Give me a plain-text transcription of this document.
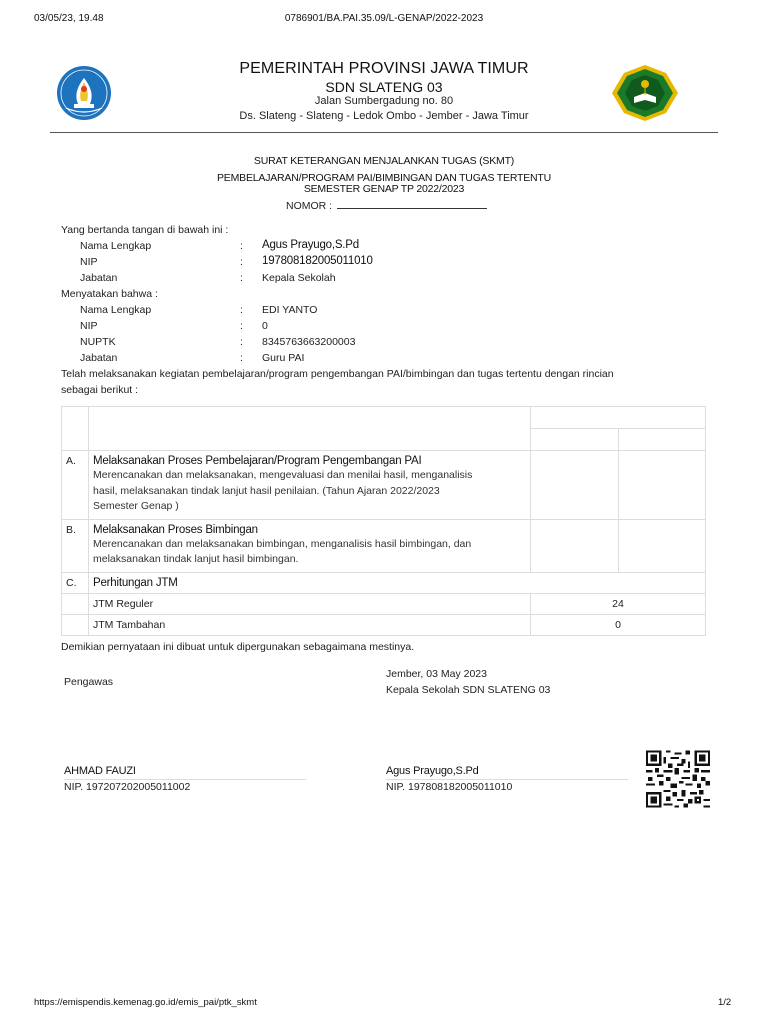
03/05/23, 19.48	0786901/BA.PAI.35.09/L-GENAP/2022-2023
PEMERINTAH PROVINSI JAWA TIMUR
SDN SLATENG 03
Jalan Sumbergadung no. 80
Ds. Slateng - Slateng - Ledok Ombo - Jember - Jawa Timur
SURAT KETERANGAN MENJALANKAN TUGAS (SKMT)
PEMBELAJARAN/PROGRAM PAI/BIMBINGAN DAN TUGAS TERTENTU
SEMESTER GENAP TP 2022/2023
NOMOR :
Yang bertanda tangan di bawah ini :
Nama Lengkap	: Agus Prayugo,S.Pd
NIP	: 197808182005011010
Jabatan	: Kepala Sekolah
Menyatakan bahwa :
Nama Lengkap	: EDI YANTO
NIP	: 0
NUPTK	: 8345763663200003
Jabatan	: Guru PAI
Telah melaksanakan kegiatan pembelajaran/program pengembangan PAI/bimbingan dan tugas tertentu dengan rincian
sebagai berikut :

A.	Melaksanakan Proses Pembelajaran/Program Pengembangan PAI
Merencanakan dan melaksanakan, mengevaluasi dan menilai hasil, menganalisis
hasil, melaksanakan tindak lanjut hasil penilaian. (Tahun Ajaran 2022/2023
Semester Genap )		

B.	Melaksanakan Proses Bimbingan
Merencanakan dan melaksanakan bimbingan, menganalisis hasil bimbingan, dan
melaksanakan tindak lanjut hasil bimbingan.		

C.	Perhitungan JTM		
	JTM Reguler	24	
	JTM Tambahan	0	
Demikian pernyataan ini dibuat untuk dipergunakan sebagaimana mestinya.
Jember, 03 May 2023
Kepala Sekolah SDN SLATENG 03
Pengawas
AHMAD FAUZI
NIP. 197207202005011002
Agus Prayugo,S.Pd
NIP. 197808182005011010
https://emispendis.kemenag.go.id/emis_pai/ptk_skmt	1/2
